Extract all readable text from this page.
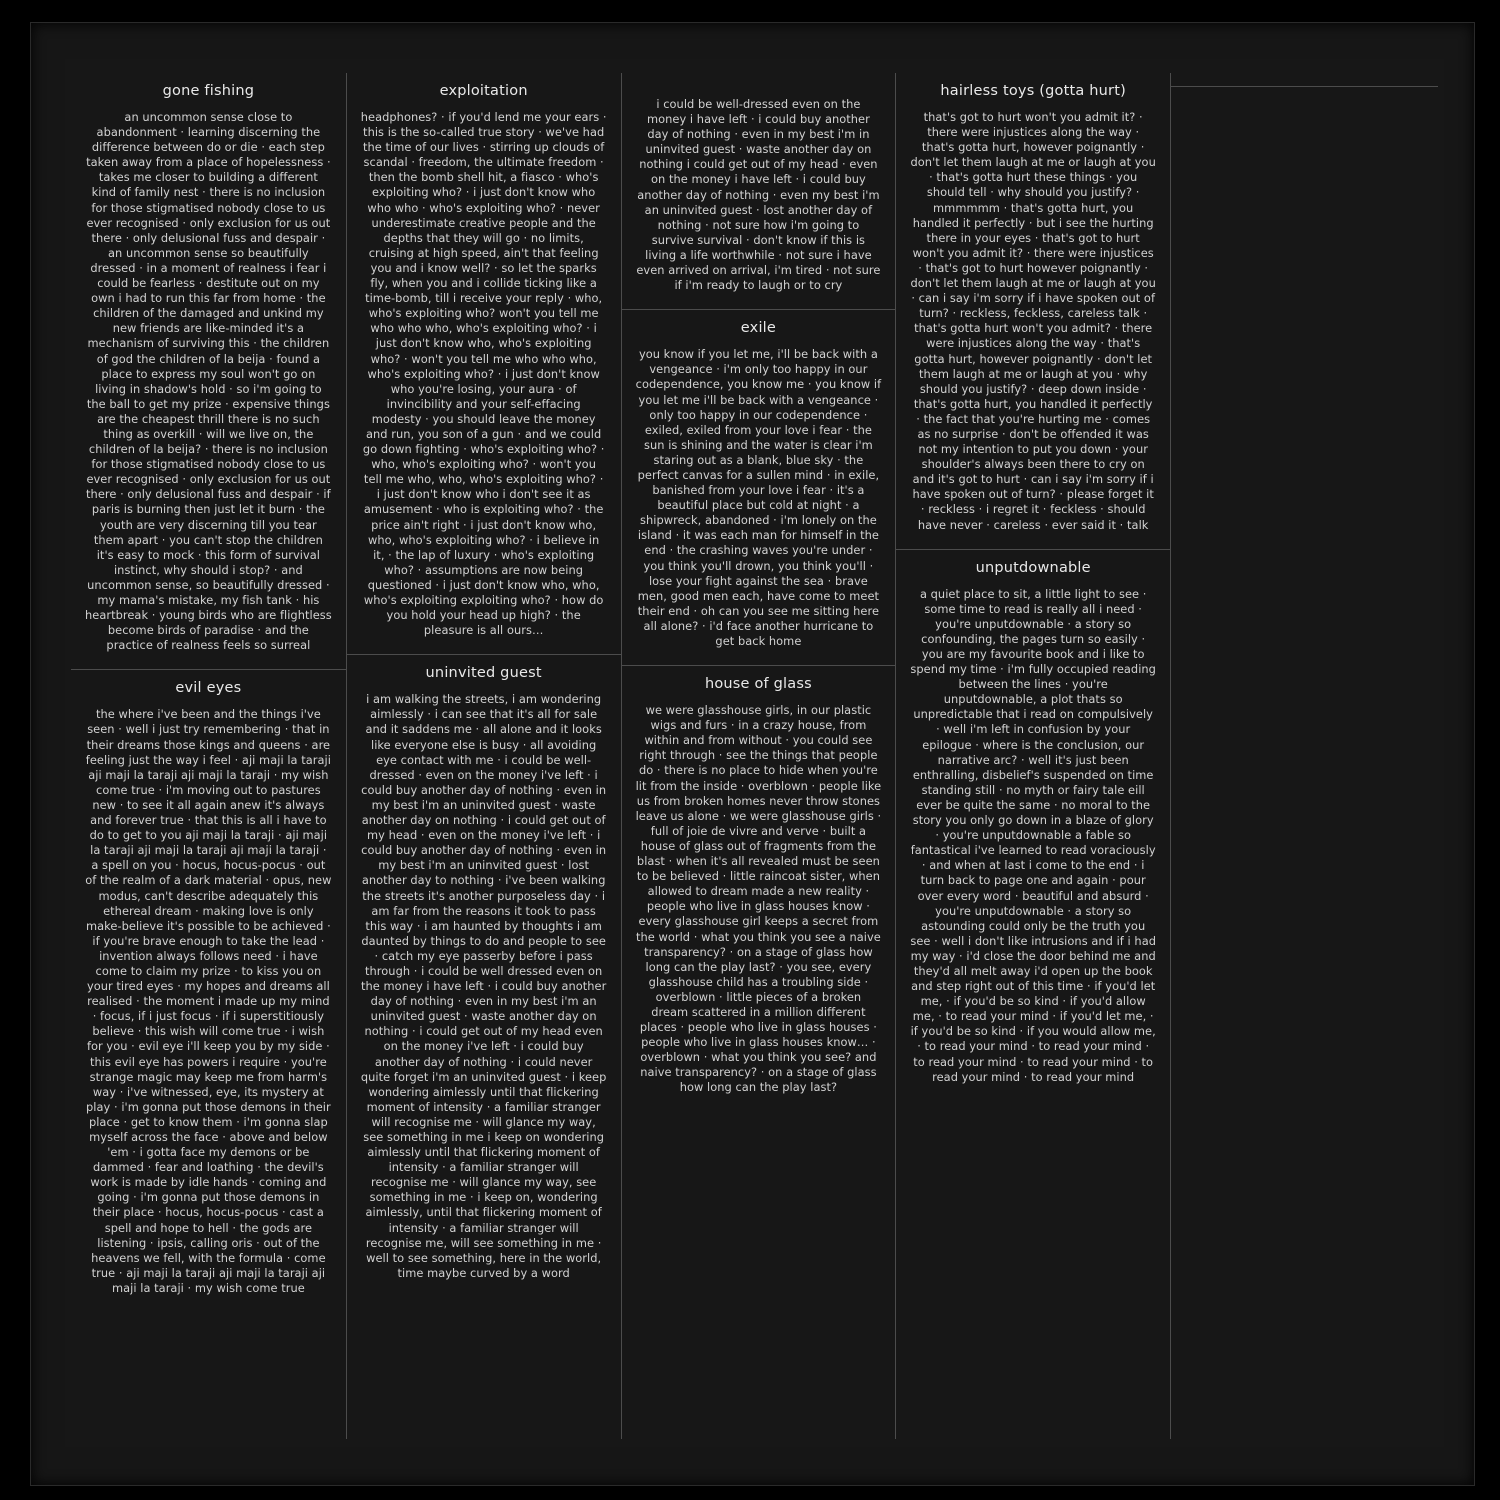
gone fishing
an uncommon sense close to abandonment · learning discerning the difference between do or die · each step taken away from a place of hopelessness · takes me closer to building a different kind of family nest · there is no inclusion for those stigmatised nobody close to us ever recognised · only exclusion for us out there · only delusional fuss and despair · an uncommon sense so beautifully dressed · in a moment of realness i fear i could be fearless · destitute out on my own i had to run this far from home · the children of the damaged and unkind my new friends are like-minded it's a mechanism of surviving this · the children of god the children of la beija · found a place to express my soul won't go on living in shadow's hold · so i'm going to the ball to get my prize · expensive things are the cheapest thrill there is no such thing as overkill · will we live on, the children of la beija? · there is no inclusion for those stigmatised nobody close to us ever recognised · only exclusion for us out there · only delusional fuss and despair · if paris is burning then just let it burn · the youth are very discerning till you tear them apart · you can't stop the children it's easy to mock · this form of survival instinct, why should i stop? · and uncommon sense, so beautifully dressed · my mama's mistake, my fish tank · his heartbreak · young birds who are flightless become birds of paradise · and the practice of realness feels so surreal
evil eyes
the where i've been and the things i've seen · well i just try remembering · that in their dreams those kings and queens · are feeling just the way i feel · aji maji la taraji aji maji la taraji aji maji la taraji · my wish come true · i'm moving out to pastures new · to see it all again anew it's always and forever true · that this is all i have to do to get to you aji maji la taraji · aji maji la taraji aji maji la taraji aji maji la taraji · a spell on you · hocus, hocus-pocus · out of the realm of a dark material · opus, new modus, can't describe adequately this ethereal dream · making love is only make-believe it's possible to be achieved · if you're brave enough to take the lead · invention always follows need · i have come to claim my prize · to kiss you on your tired eyes · my hopes and dreams all realised · the moment i made up my mind · focus, if i just focus · if i superstitiously believe · this wish will come true · i wish for you · evil eye i'll keep you by my side · this evil eye has powers i require · you're strange magic may keep me from harm's way · i've witnessed, eye, its mystery at play · i'm gonna put those demons in their place · get to know them · i'm gonna slap myself across the face · above and below 'em · i gotta face my demons or be dammed · fear and loathing · the devil's work is made by idle hands · coming and going · i'm gonna put those demons in their place · hocus, hocus-pocus · cast a spell and hope to hell · the gods are listening · ipsis, calling oris · out of the heavens we fell, with the formula · come true · aji maji la taraji aji maji la taraji aji maji la taraji · my wish come true
exploitation
headphones? · if you'd lend me your ears · this is the so-called true story · we've had the time of our lives · stirring up clouds of scandal · freedom, the ultimate freedom · then the bomb shell hit, a fiasco · who's exploiting who? · i just don't know who who who · who's exploiting who? · never underestimate creative people and the depths that they will go · no limits, cruising at high speed, ain't that feeling you and i know well? · so let the sparks fly, when you and i collide ticking like a time-bomb, till i receive your reply · who, who's exploiting who? won't you tell me who who who, who's exploiting who? · i just don't know who, who's exploiting who? · won't you tell me who who who, who's exploiting who? · i just don't know who you're losing, your aura · of invincibility and your self-effacing modesty · you should leave the money and run, you son of a gun · and we could go down fighting · who's exploiting who? · who, who's exploiting who? · won't you tell me who, who, who's exploiting who? · i just don't know who i don't see it as amusement · who is exploiting who? · the price ain't right · i just don't know who, who, who's exploiting who? · i believe in it, · the lap of luxury · who's exploiting who? · assumptions are now being questioned · i just don't know who, who, who's exploiting exploiting who? · how do you hold your head up high? · the pleasure is all ours…
uninvited guest
i am walking the streets, i am wondering aimlessly · i can see that it's all for sale and it saddens me · all alone and it looks like everyone else is busy · all avoiding eye contact with me · i could be well-dressed · even on the money i've left · i could buy another day of nothing · even in my best i'm an uninvited guest · waste another day on nothing · i could get out of my head · even on the money i've left · i could buy another day of nothing · even in my best i'm an uninvited guest · lost another day to nothing · i've been walking the streets it's another purposeless day · i am far from the reasons it took to pass this way · i am haunted by thoughts i am daunted by things to do and people to see · catch my eye passerby before i pass through · i could be well dressed even on the money i have left · i could buy another day of nothing · even in my best i'm an uninvited guest · waste another day on nothing · i could get out of my head even on the money i've left · i could buy another day of nothing · i could never quite forget i'm an uninvited guest · i keep wondering aimlessly until that flickering moment of intensity · a familiar stranger will recognise me · will glance my way, see something in me i keep on wondering aimlessly until that flickering moment of intensity · a familiar stranger will recognise me · will glance my way, see something in me · i keep on, wondering aimlessly, until that flickering moment of intensity · a familiar stranger will recognise me, will see something in me · well to see something, here in the world, time maybe curved by a word
i could be well-dressed even on the money i have left · i could buy another day of nothing · even in my best i'm in uninvited guest · waste another day on nothing i could get out of my head · even on the money i have left · i could buy another day of nothing · even my best i'm an uninvited guest · lost another day of nothing · not sure how i'm going to survive survival · don't know if this is living a life worthwhile · not sure i have even arrived on arrival, i'm tired · not sure if i'm ready to laugh or to cry
exile
you know if you let me, i'll be back with a vengeance · i'm only too happy in our codependence, you know me · you know if you let me i'll be back with a vengeance · only too happy in our codependence · exiled, exiled from your love i fear · the sun is shining and the water is clear i'm staring out as a blank, blue sky · the perfect canvas for a sullen mind · in exile, banished from your love i fear · it's a beautiful place but cold at night · a shipwreck, abandoned · i'm lonely on the island · it was each man for himself in the end · the crashing waves you're under · you think you'll drown, you think you'll · lose your fight against the sea · brave men, good men each, have come to meet their end · oh can you see me sitting here all alone? · i'd face another hurricane to get back home
house of glass
we were glasshouse girls, in our plastic wigs and furs · in a crazy house, from within and from without · you could see right through · see the things that people do · there is no place to hide when you're lit from the inside · overblown · people like us from broken homes never throw stones leave us alone · we were glasshouse girls · full of joie de vivre and verve · built a house of glass out of fragments from the blast · when it's all revealed must be seen to be believed · little raincoat sister, when allowed to dream made a new reality · people who live in glass houses know · every glasshouse girl keeps a secret from the world · what you think you see a naive transparency? · on a stage of glass how long can the play last? · you see, every glasshouse child has a troubling side · overblown · little pieces of a broken dream scattered in a million different places · people who live in glass houses · people who live in glass houses know… · overblown · what you think you see? and naive transparency? · on a stage of glass how long can the play last?
hairless toys (gotta hurt)
that's got to hurt won't you admit it? · there were injustices along the way · that's gotta hurt, however poignantly · don't let them laugh at me or laugh at you · that's gotta hurt these things · you should tell · why should you justify? · mmmmmm · that's gotta hurt, you handled it perfectly · but i see the hurting there in your eyes · that's got to hurt won't you admit it? · there were injustices · that's got to hurt however poignantly · don't let them laugh at me or laugh at you · can i say i'm sorry if i have spoken out of turn? · reckless, feckless, careless talk · that's gotta hurt won't you admit? · there were injustices along the way · that's gotta hurt, however poignantly · don't let them laugh at me or laugh at you · why should you justify? · deep down inside · that's gotta hurt, you handled it perfectly · the fact that you're hurting me · comes as no surprise · don't be offended it was not my intention to put you down · your shoulder's always been there to cry on and it's got to hurt · can i say i'm sorry if i have spoken out of turn? · please forget it · reckless · i regret it · feckless · should have never · careless · ever said it · talk
unputdownable
a quiet place to sit, a little light to see · some time to read is really all i need · you're unputdownable · a story so confounding, the pages turn so easily · you are my favourite book and i like to spend my time · i'm fully occupied reading between the lines · you're unputdownable, a plot thats so unpredictable that i read on compulsively · well i'm left in confusion by your epilogue · where is the conclusion, our narrative arc? · well it's just been enthralling, disbelief's suspended on time standing still · no myth or fairy tale eill ever be quite the same · no moral to the story you only go down in a blaze of glory · you're unputdownable a fable so fantastical i've learned to read voraciously · and when at last i come to the end · i turn back to page one and again · pour over every word · beautiful and absurd · you're unputdownable · a story so astounding could only be the truth you see · well i don't like intrusions and if i had my way · i'd close the door behind me and they'd all melt away i'd open up the book and step right out of this time · if you'd let me, · if you'd be so kind · if you'd allow me, · to read your mind · if you'd let me, · if you'd be so kind · if you would allow me, · to read your mind · to read your mind · to read your mind · to read your mind · to read your mind · to read your mind
